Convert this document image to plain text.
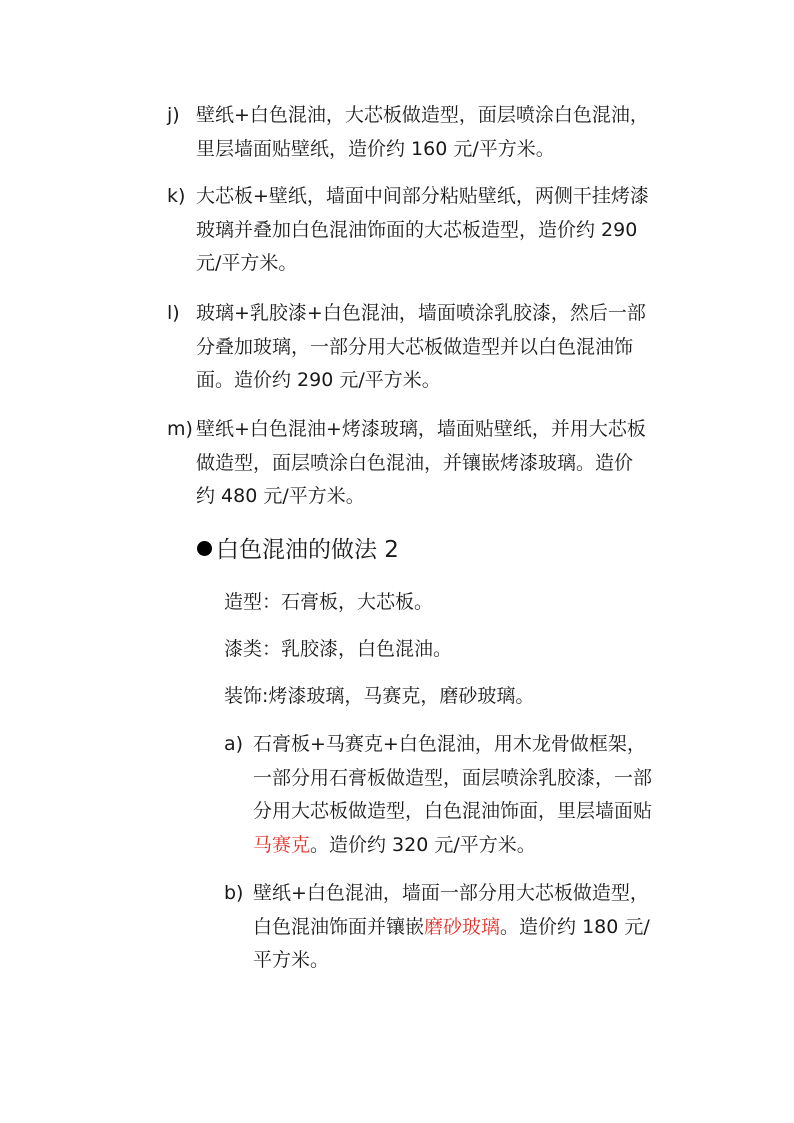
j) 壁纸+白色混油，大芯板做造型，面层喷涂白色混油，
里层墙面贴壁纸，造价约 160 元/平方米。
k) 大芯板+壁纸，墙面中间部分粘贴壁纸，两侧干挂烤漆
玻璃并叠加白色混油饰面的大芯板造型，造价约 290
元/平方米。
l) 玻璃+乳胶漆+白色混油，墙面喷涂乳胶漆，然后一部
分叠加玻璃，一部分用大芯板做造型并以白色混油饰
面。造价约 290 元/平方米。
m) 壁纸+白色混油+烤漆玻璃，墙面贴壁纸，并用大芯板
做造型，面层喷涂白色混油，并镶嵌烤漆玻璃。造价
约 480 元/平方米。
白色混油的做法 2
造型：石膏板，大芯板。
漆类：乳胶漆，白色混油。
装饰:烤漆玻璃，马赛克，磨砂玻璃。
a) 石膏板+马赛克+白色混油，用木龙骨做框架，
一部分用石膏板做造型，面层喷涂乳胶漆，一部
分用大芯板做造型，白色混油饰面，里层墙面贴
马赛克。造价约 320 元/平方米。
b) 壁纸+白色混油，墙面一部分用大芯板做造型，
白色混油饰面并镶嵌磨砂玻璃。造价约 180 元/
平方米。
